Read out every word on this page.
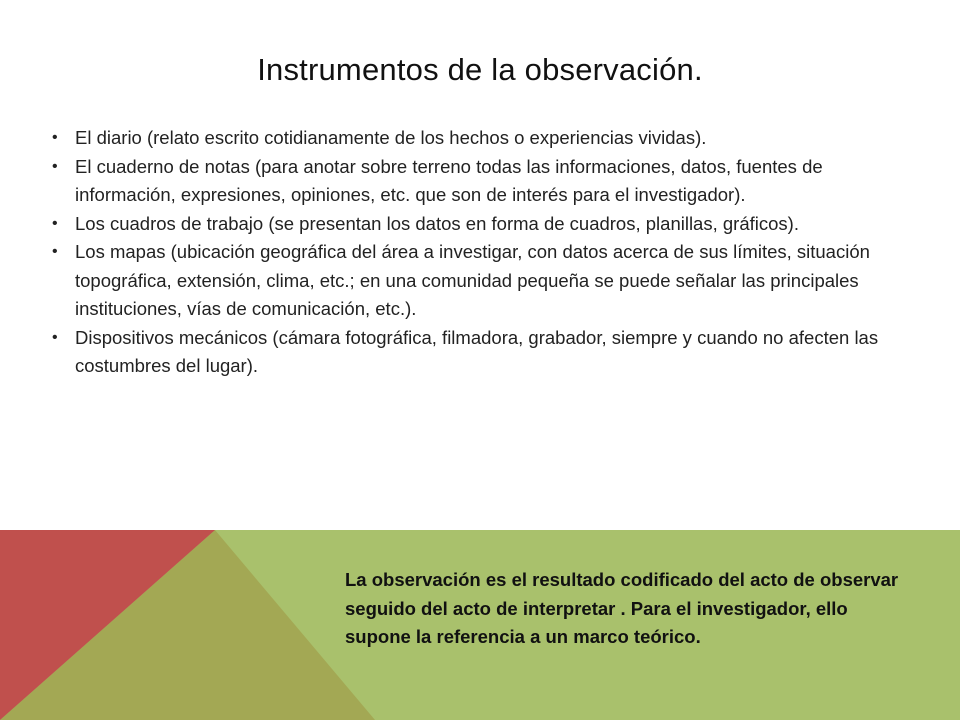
Instrumentos de la observación.
• El diario (relato escrito cotidianamente de los hechos o experiencias vividas).
• El cuaderno de notas (para anotar sobre terreno todas las informaciones, datos, fuentes de información, expresiones, opiniones, etc. que son de interés para el investigador).
• Los cuadros de trabajo (se presentan los datos en forma de cuadros, planillas, gráficos).
• Los mapas (ubicación geográfica del área a investigar, con datos acerca de sus límites, situación topográfica, extensión, clima, etc.; en una comunidad pequeña se puede señalar las principales instituciones, vías de comunicación, etc.).
• Dispositivos mecánicos (cámara fotográfica, filmadora, grabador, siempre y cuando no afecten las costumbres del lugar).
La observación es el resultado codificado del acto de observar seguido del acto de interpretar . Para el investigador, ello supone la referencia a un marco teórico.
